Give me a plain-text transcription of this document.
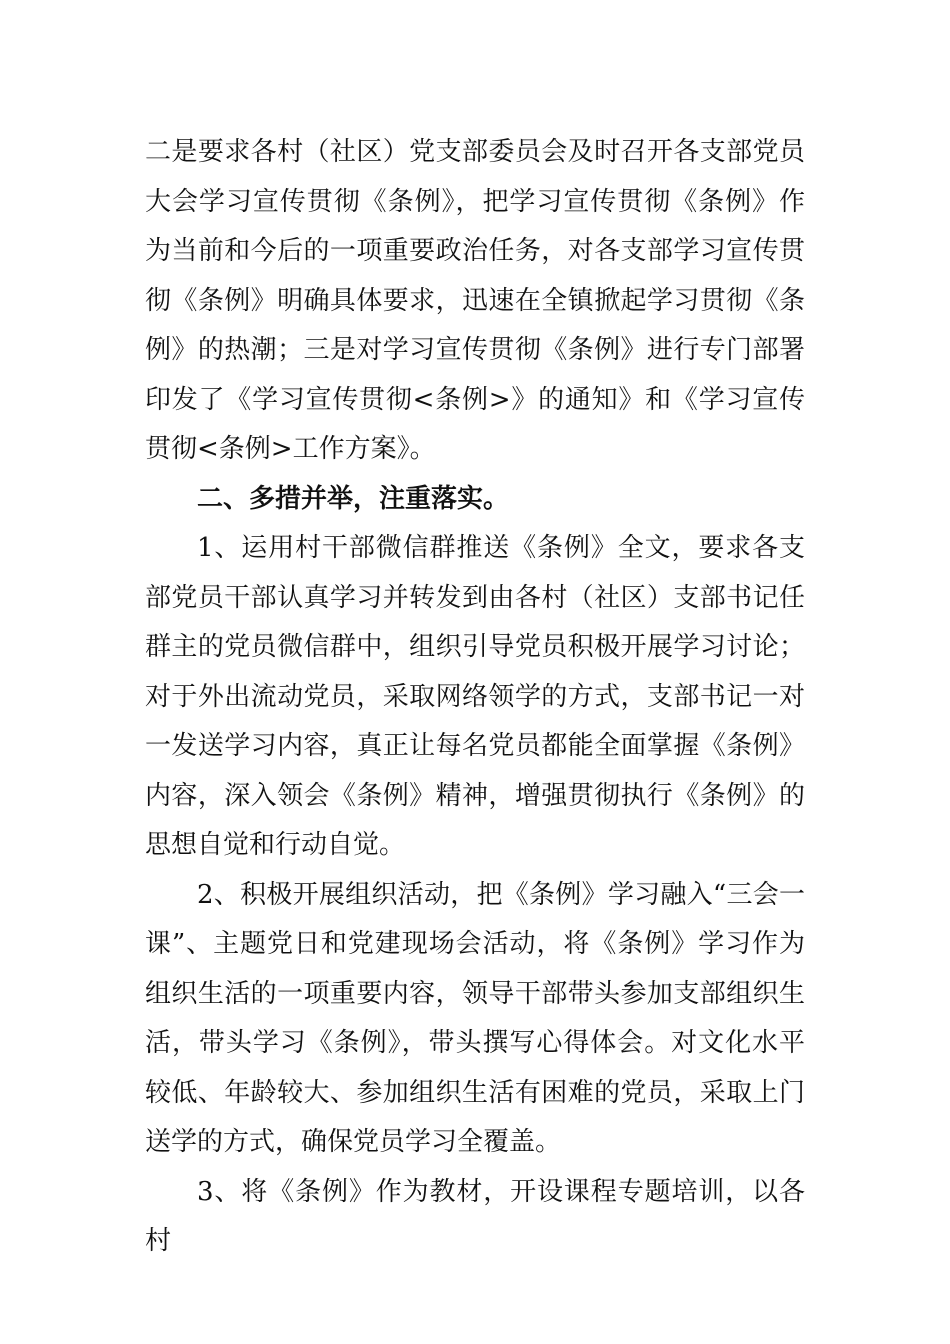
二是要求各村（社区）党支部委员会及时召开各支部党员大会学习宣传贯彻《条例》，把学习宣传贯彻《条例》作为当前和今后的一项重要政治任务，对各支部学习宣传贯彻《条例》明确具体要求，迅速在全镇掀起学习贯彻《条例》的热潮；三是对学习宣传贯彻《条例》进行专门部署印发了《学习宣传贯彻<条例>》的通知》和《学习宣传贯彻<条例>工作方案》。

二、多措并举，注重落实。

1、运用村干部微信群推送《条例》全文，要求各支部党员干部认真学习并转发到由各村（社区）支部书记任群主的党员微信群中，组织引导党员积极开展学习讨论；对于外出流动党员，采取网络领学的方式，支部书记一对一发送学习内容，真正让每名党员都能全面掌握《条例》内容，深入领会《条例》精神，增强贯彻执行《条例》的思想自觉和行动自觉。

2、积极开展组织活动，把《条例》学习融入“三会一课”、主题党日和党建现场会活动，将《条例》学习作为组织生活的一项重要内容，领导干部带头参加支部组织生活，带头学习《条例》，带头撰写心得体会。对文化水平较低、年龄较大、参加组织生活有困难的党员，采取上门送学的方式，确保党员学习全覆盖。

3、将《条例》作为教材，开设课程专题培训，以各村
